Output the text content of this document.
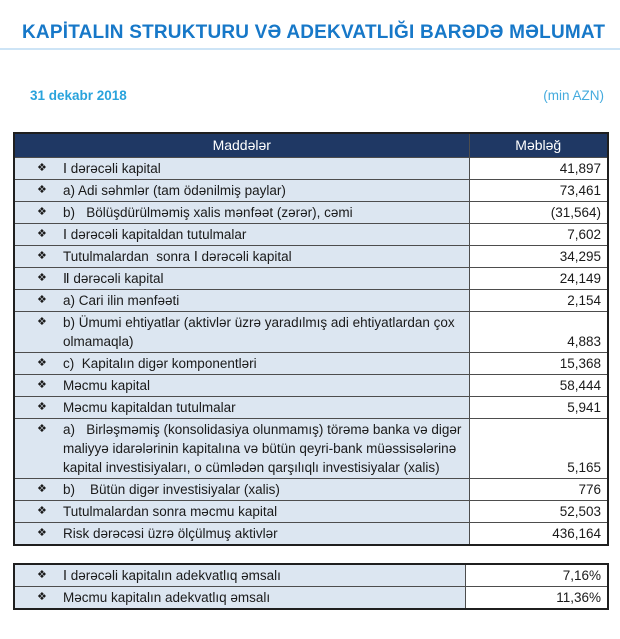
KAPİTALIN STRUKTURU VƏ ADEKVATLIĞI BARƏDƏ MƏLUMAT
31 dekabr 2018	(min AZN)
Maddələr	Məbləğ

❖ Ⅰ dərəcəli kapital	41,897

❖ a) Adi səhmlər (tam ödənilmiş paylar)	73,461

❖ b)   Bölüşdürülməmiş xalis mənfəət (zərər), cəmi	(31,564)

❖ Ⅰ dərəcəli kapitaldan tutulmalar	7,602

❖ Tutulmalardan  sonra Ⅰ dərəcəli kapital	34,295

❖ Ⅱ dərəcəli kapital	24,149

❖ a) Cari ilin mənfəəti	2,154

❖ b) Ümumi ehtiyatlar (aktivlər üzrə yaradılmış adi ehtiyatlardan çox olmamaqla)	4,883

❖ c)  Kapitalın digər komponentləri	15,368

❖ Məcmu kapital	58,444

❖ Məcmu kapitaldan tutulmalar	5,941

❖ a)   Birləşməmiş (konsolidasiya olunmamış) törəmə banka və digər maliyyə idarələrinin kapitalına və bütün qeyri-bank müəssisələrinə kapital investisiyaları, o cümlədən qarşılıqlı investisiyalar (xalis)	5,165

❖ b)    Bütün digər investisiyalar (xalis)	776

❖ Tutulmalardan sonra məcmu kapital	52,503

❖ Risk dərəcəsi üzrə ölçülmuş aktivlər	436,164
❖ Ⅰ dərəcəli kapitalın adekvatlıq əmsalı	7,16%

❖ Məcmu kapitalın adekvatlıq əmsalı	11,36%
